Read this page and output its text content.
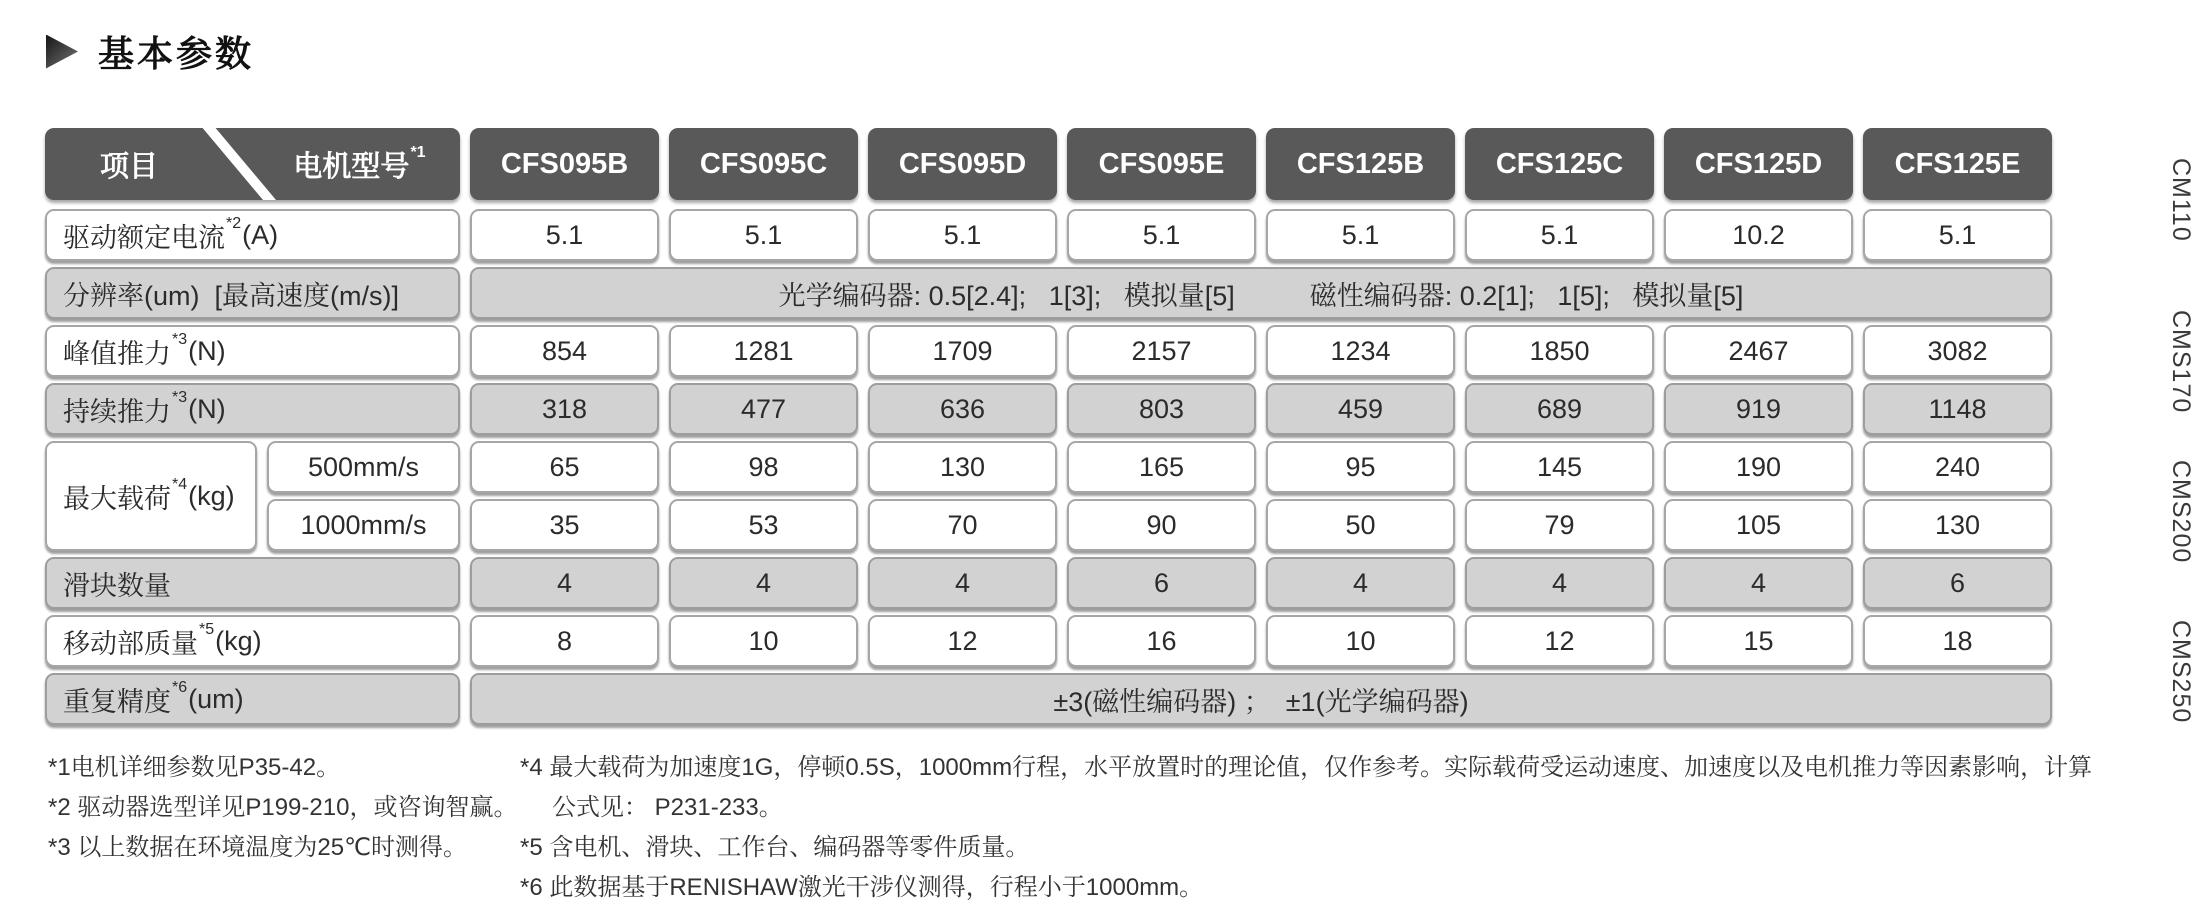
基本参数
项目	电机型号 *1	CFS095B	CFS095C	CFS095D	CFS095E	CFS125B	CFS125C	CFS125D	CFS125E
驱动额定电流 *2 (A)	5.1	5.1	5.1	5.1	5.1	5.1	10.2	5.1
分辨率(um)  [最高速度(m/s)]	光学编码器: 0.5[2.4];   1[3];   模拟量[5]          磁性编码器: 0.2[1];   1[5];   模拟量[5]
峰值推力 *3 (N)	854	1281	1709	2157	1234	1850	2467	3082
持续推力 *3 (N)	318	477	636	803	459	689	919	1148
最大载荷 *4 (kg)
500mm/s	65	98	130	165	95	145	190	240
1000mm/s	35	53	70	90	50	79	105	130
滑块数量	4	4	4	6	4	4	4	6
移动部质量 *5 (kg)	8	10	12	16	10	12	15	18
重复精度 *6 (um)	±3(磁性编码器) ；  ±1(光学编码器)
*1电机详细参数见P35-42。
*2 驱动器选型详见P199-210，或咨询智赢。
*3 以上数据在环境温度为25℃时测得。
*4 最大载荷为加速度1G，停顿0.5S，1000mm行程，水平放置时的理论值，仅作参考。实际载荷受运动速度、加速度以及电机推力等因素影响，计算
公式见： P231-233。
*5 含电机、滑块、工作台、编码器等零件质量。
*6 此数据基于RENISHAW激光干涉仪测得，行程小于1000mm。
CM110
CMS170
CMS200
CMS250
